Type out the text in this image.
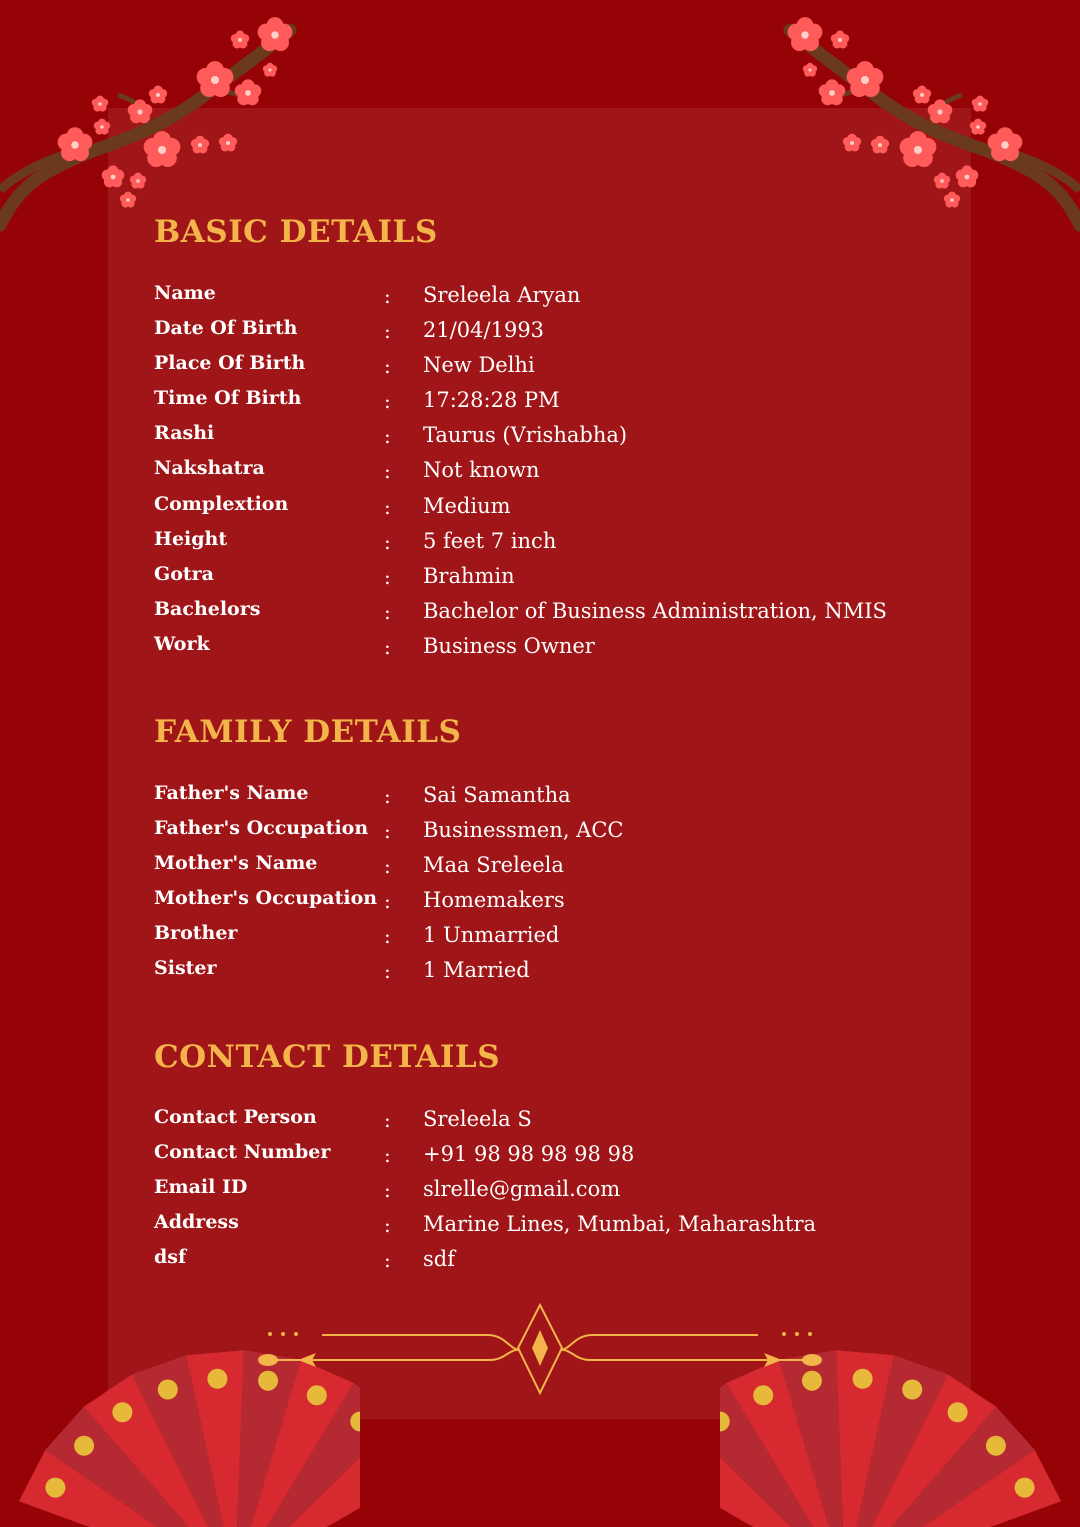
BASIC DETAILS
Name	: Sreleela Aryan
Date Of Birth	: 21/04/1993
Place Of Birth	: New Delhi
Time Of Birth	: 17:28:28 PM
Rashi	: Taurus (Vrishabha)
Nakshatra	: Not known
Complextion	: Medium
Height	: 5 feet 7 inch
Gotra	: Brahmin
Bachelors	: Bachelor of Business Administration, NMIS
Work	: Business Owner
FAMILY DETAILS
Father's Name	: Sai Samantha
Father's Occupation : Businessmen, ACC
Mother's Name	: Maa Sreleela
Mother's Occupation : Homemakers
Brother	: 1 Unmarried
Sister	: 1 Married
CONTACT DETAILS
Contact Person	: Sreleela S
Contact Number	: +91 98 98 98 98 98
Email ID	: slrelle@gmail.com
Address	: Marine Lines, Mumbai, Maharashtra
dsf	: sdf
